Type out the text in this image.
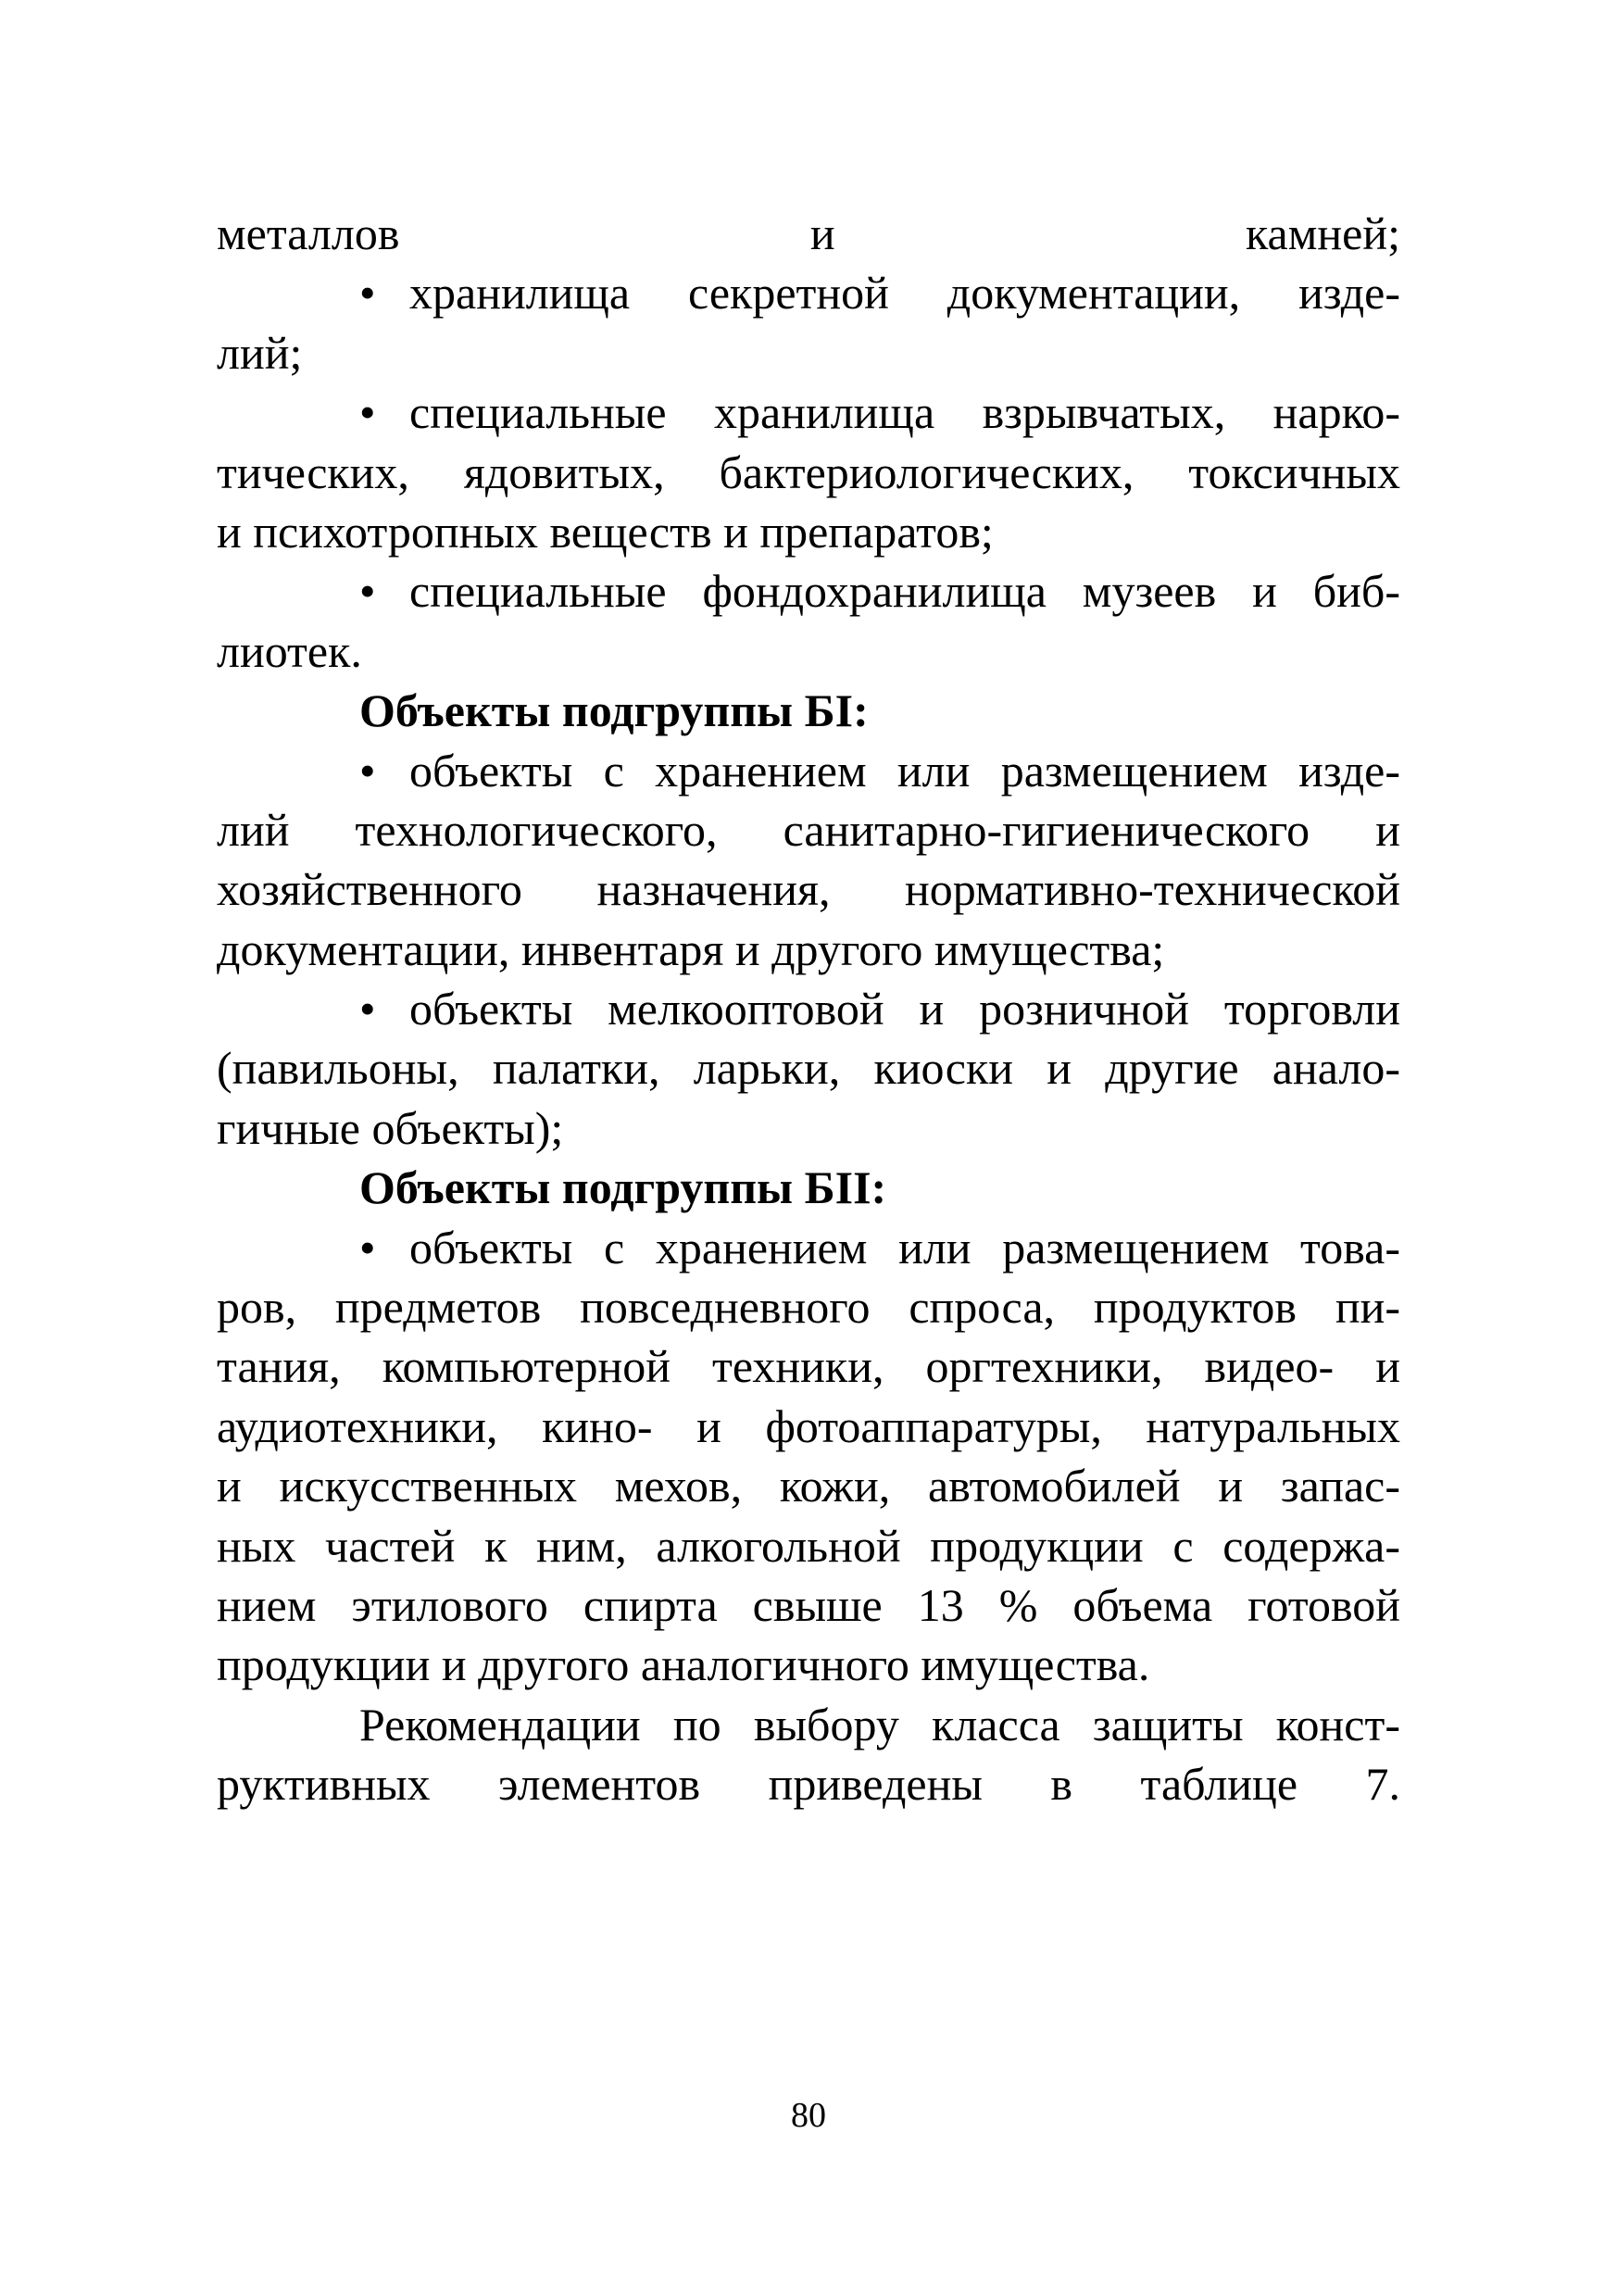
металлов и камней;
• хранилища секретной документации, изде-
лий;
• специальные хранилища взрывчатых, нарко-
тических, ядовитых, бактериологических, токсичных
и психотропных веществ и препаратов;
• специальные фондохранилища музеев и биб-
лиотек.
Объекты подгруппы БI:
• объекты с хранением или размещением изде-
лий технологического, санитарно-гигиенического и
хозяйственного назначения, нормативно-технической
документации, инвентаря и другого имущества;
• объекты мелкооптовой и розничной торговли
(павильоны, палатки, ларьки, киоски и другие анало-
гичные объекты);
Объекты подгруппы БII:
• объекты с хранением или размещением това-
ров, предметов повседневного спроса, продуктов пи-
тания, компьютерной техники, оргтехники, видео- и
аудиотехники, кино- и фотоаппаратуры, натуральных
и искусственных мехов, кожи, автомобилей и запас-
ных частей к ним, алкогольной продукции с содержа-
нием этилового спирта свыше 13 % объема готовой
продукции и другого аналогичного имущества.
Рекомендации по выбору класса защиты конст-
руктивных элементов приведены в таблице 7.
80
